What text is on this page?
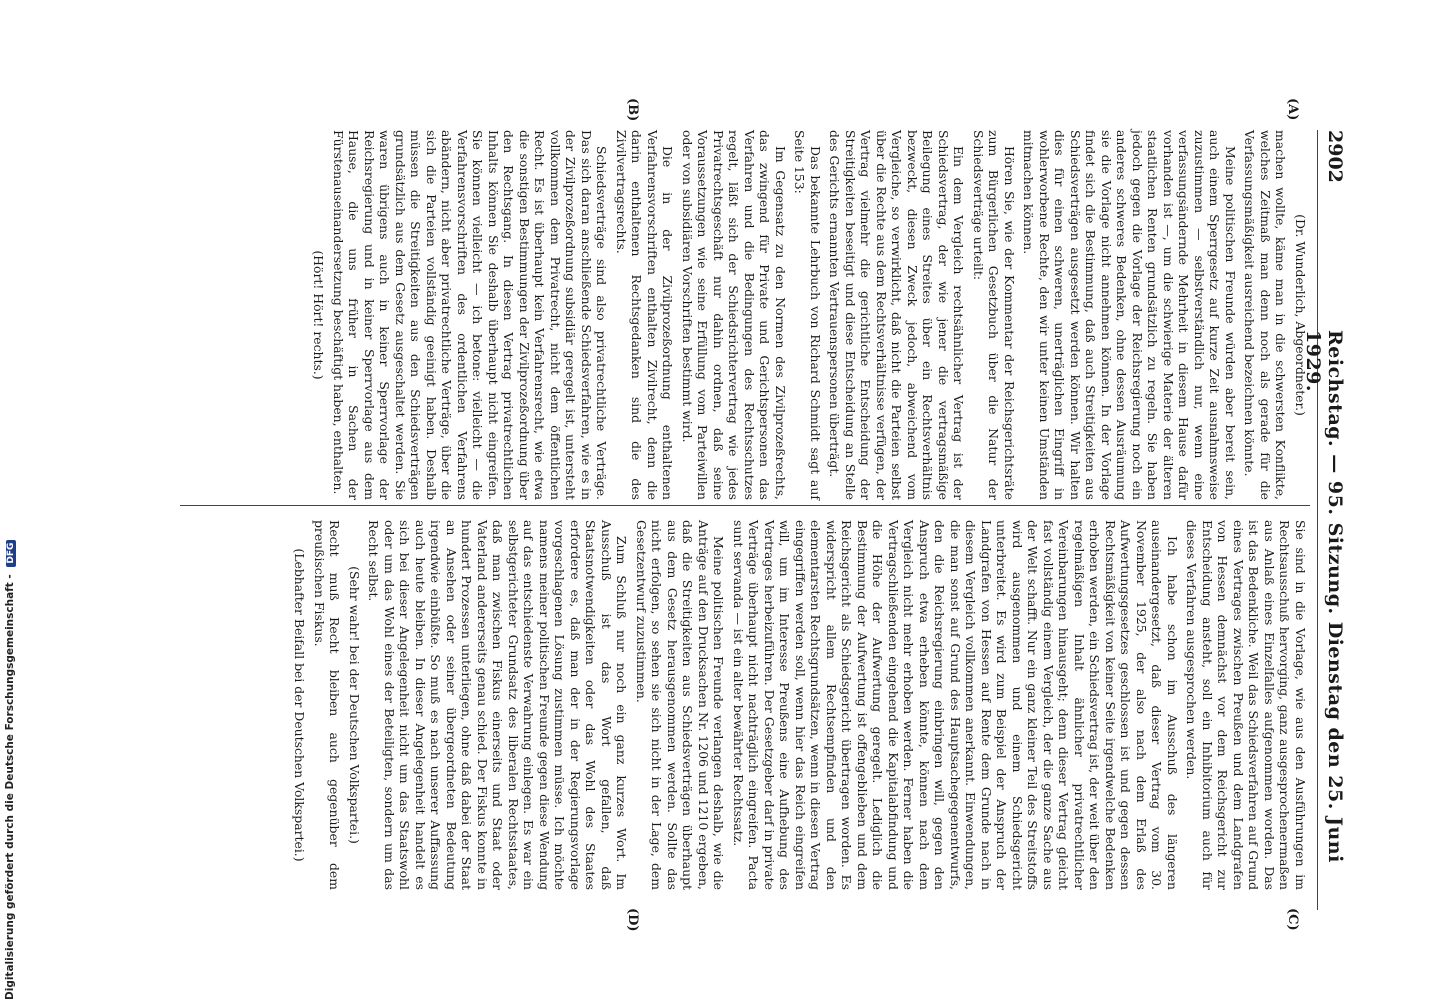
2902
Reichstag. — 95. Sitzung. Dienstag den 25. Juni 1929.
(A)
(B)
(C)
(D)

(Dr. Wunderlich, Abgeordneter.)

machen wollte, käme man in die schwersten Konflikte, welches Zeitmaß man denn noch als gerade für die Verfassungsmäßigkeit ausreichend bezeichnen könnte.

Meine politischen Freunde würden aber bereit sein, auch einem Sperrgesetz auf kurze Zeit ausnahmsweise zuzustimmen — selbstverständlich nur, wenn eine verfassungsändernde Mehrheit in diesem Hause dafür vorhanden ist —, um die schwierige Materie der älteren staatlichen Renten grundsätzlich zu regeln. Sie haben jedoch gegen die Vorlage der Reichsregierung noch ein anderes schweres Bedenken, ohne dessen Ausräumung sie die Vorlage nicht annehmen können. In der Vorlage findet sich die Bestimmung, daß auch Streitigkeiten aus Schiedsverträgen ausgesetzt werden können. Wir halten dies für einen schweren, unerträglichen Eingriff in wohlerworbene Rechte, den wir unter keinen Umständen mitmachen können.

Hören Sie, wie der Kommentar der Reichsgerichtsräte zum Bürgerlichen Gesetzbuch über die Natur der Schiedsverträge urteilt:

Ein dem Vergleich rechtsähnlicher Vertrag ist der Schiedsvertrag, der wie jener die vertragsmäßige Beilegung eines Streites über ein Rechtsverhältnis bezweckt, diesen Zweck jedoch, abweichend vom Vergleiche, so verwirklicht, daß nicht die Parteien selbst über die Rechte aus dem Rechtsverhältnisse verfügen, der Vertrag vielmehr die gerichtliche Entscheidung der Streitigkeiten beseitigt und diese Entscheidung an Stelle des Gerichts ernannten Vertrauenspersonen überträgt.

Das bekannte Lehrbuch von Richard Schmidt sagt auf Seite 153:

Im Gegensatz zu den Normen des Zivilprozeßrechts, das zwingend für Private und Gerichtspersonen das Verfahren und die Bedingungen des Rechtsschutzes regelt, läßt sich der Schiedsrichtervertrag wie jedes Privatrechtsgeschäft nur dahin ordnen, daß seine Voraussetzungen wie seine Erfüllung vom Parteiwillen oder von subsidiären Vorschriften bestimmt wird.

Die in der Zivilprozeßordnung enthaltenen Verfahrensvorschriften enthalten Zivilrecht, denn die darin enthaltenen Rechtsgedanken sind die des Zivilvertragsrechts.

Schiedsverträge sind also privatrechtliche Verträge. Das sich daran anschließende Schiedsverfahren, wie es in der Zivilprozeßordnung subsidiär geregelt ist, untersteht vollkommen dem Privatrecht, nicht dem öffentlichen Recht. Es ist überhaupt kein Verfahrensrecht, wie etwa die sonstigen Bestimmungen der Zivilprozeßordnung über den Rechtsgang. In diesen Vertrag privatrechtlichen Inhalts können Sie deshalb überhaupt nicht eingreifen. Sie können vielleicht — ich betone: vielleicht — die Verfahrensvorschriften des ordentlichen Verfahrens abändern, nicht aber privatrechtliche Verträge, über die sich die Parteien vollständig geeinigt haben. Deshalb müssen die Streitigkeiten aus den Schiedsverträgen grundsätzlich aus dem Gesetz ausgeschaltet werden. Sie waren übrigens auch in keiner Sperrvorlage der Reichsregierung und in keiner Sperrvorlage aus dem Hause, die uns früher in Sachen der Fürstenauseinandersetzung beschäftigt haben, enthalten.

(Hört! Hört! rechts.)

Sie sind in die Vorlage, wie aus den Ausführungen im Rechtsausschuß hervorging, ganz ausgesprochenermaßen aus Anlaß eines Einzelfalles aufgenommen worden. Das ist das Bedenkliche. Weil das Schiedsverfahren auf Grund eines Vertrages zwischen Preußen und dem Landgrafen von Hessen demnächst vor dem Reichsgericht zur Entscheidung ansteht, soll ein Inhibitorium auch für dieses Verfahren ausgesprochen werden.

Ich habe schon im Ausschuß des längeren auseinandergesetzt, daß dieser Vertrag vom 30. November 1925, der also nach dem Erlaß des Aufwertungsgesetzes geschlossen ist und gegen dessen Rechtsmäßigkeit von keiner Seite irgendwelche Bedenken erhoben werden, ein Schiedsvertrag ist, der weit über den regelmäßigen Inhalt ähnlicher privatrechtlicher Vereinbarungen hinausgeht; denn dieser Vertrag gleicht fast vollständig einem Vergleich, der die ganze Sache aus der Welt schafft. Nur ein ganz kleiner Teil des Streitstoffs wird ausgenommen und einem Schiedsgericht unterbreitet. Es wird zum Beispiel der Anspruch der Landgrafen von Hessen auf Rente dem Grunde nach in diesem Vergleich vollkommen anerkannt. Einwendungen, die man sonst auf Grund des Hauptsachegegenentwurfs, den die Reichsregierung einbringen will, gegen den Anspruch etwa erheben könnte, können nach dem Vergleich nicht mehr erhoben werden. Ferner haben die Vertragschließenden eingehend die Kapitalabfindung und die Höhe der Aufwertung geregelt. Lediglich die Bestimmung der Aufwertung ist offengeblieben und dem Reichsgericht als Schiedsgericht übertragen worden. Es widerspricht allem Rechtsempfinden und den elementarsten Rechtsgrundsätzen, wenn in diesen Vertrag eingegriffen werden soll, wenn hier das Reich eingreifen will, um im Interesse Preußens eine Aufhebung des Vertrages herbeizuführen. Der Gesetzgeber darf in private Verträge überhaupt nicht nachträglich eingreifen. Pacta sunt servanda — ist ein alter bewährter Rechtssatz.

Meine politischen Freunde verlangen deshalb, wie die Anträge auf den Drucksachen Nr. 1206 und 1210 ergeben, daß die Streitigkeiten aus Schiedsverträgen überhaupt aus dem Gesetz herausgenommen werden. Sollte das nicht erfolgen, so sehen sie sich nicht in der Lage, dem Gesetzentwurf zuzustimmen.

Zum Schluß nur noch ein ganz kurzes Wort. Im Ausschuß ist das Wort gefallen, daß Staatsnotwendigkeiten oder das Wohl des Staates erfordere es, daß man der in der Regierungsvorlage vorgeschlagenen Lösung zustimmen müsse. Ich möchte namens meiner politischen Freunde gegen diese Wendung auf das entschiedenste Verwahrung einlegen. Es war ein selbstgerichteter Grundsatz des liberalen Rechtsstaates, daß man zwischen Fiskus einerseits und Staat oder Vaterland andererseits genau schied. Der Fiskus konnte in hundert Prozessen unterliegen, ohne daß dabei der Staat an Ansehen oder seiner übergeordneten Bedeutung irgendwie einbüßte. So muß es nach unserer Auffassung auch heute bleiben. In dieser Angelegenheit handelt es sich bei dieser Angelegenheit nicht um das Staatswohl oder um das Wohl eines der Beteiligten, sondern um das Recht selbst.

(Sehr wahr! bei der Deutschen Volkspartei.)

Recht muß Recht bleiben auch gegenüber dem preußischen Fiskus.

(Lebhafter Beifall bei der Deutschen Volkspartei.)

Digitalisierung gefördert durch die Deutsche Forschungsgemeinschaft - DFG
